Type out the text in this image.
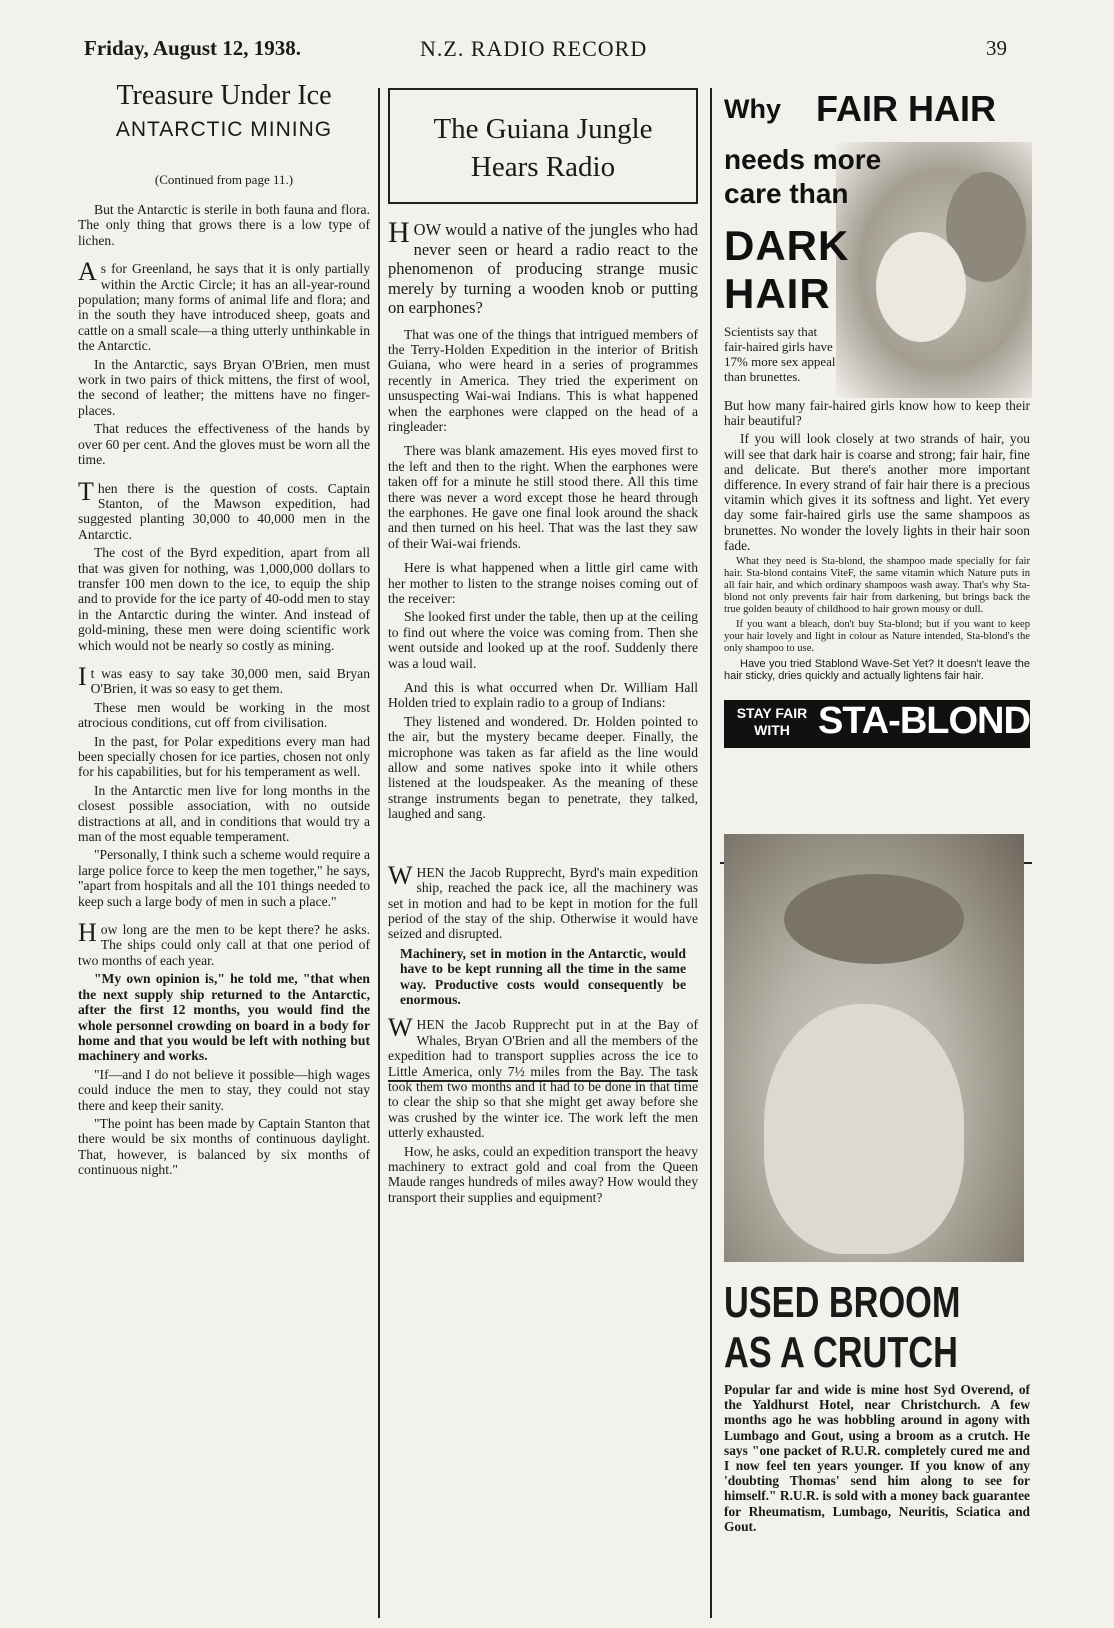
Friday, August 12, 1938.	N.Z. RADIO RECORD	39
Treasure Under Ice
ANTARCTIC MINING
(Continued from page 11.)

But the Antarctic is sterile in both fauna and flora. The only thing that grows there is a low type of lichen.

As for Greenland, he says that it is only partially within the Arctic Circle; it has an all-year-round population; many forms of animal life and flora; and in the south they have introduced sheep, goats and cattle on a small scale—a thing utterly unthinkable in the Antarctic.

In the Antarctic, says Bryan O'Brien, men must work in two pairs of thick mittens, the first of wool, the second of leather; the mittens have no finger-places.

That reduces the effectiveness of the hands by over 60 per cent. And the gloves must be worn all the time.

Then there is the question of costs. Captain Stanton, of the Mawson expedition, had suggested planting 30,000 to 40,000 men in the Antarctic.

The cost of the Byrd expedition, apart from all that was given for nothing, was 1,000,000 dollars to transfer 100 men down to the ice, to equip the ship and to provide for the ice party of 40-odd men to stay in the Antarctic during the winter. And instead of gold-mining, these men were doing scientific work which would not be nearly so costly as mining.

It was easy to say take 30,000 men, said Bryan O'Brien, it was so easy to get them.

These men would be working in the most atrocious conditions, cut off from civilisation.

In the past, for Polar expeditions every man had been specially chosen for ice parties, chosen not only for his capabilities, but for his temperament as well.

In the Antarctic men live for long months in the closest possible association, with no outside distractions at all, and in conditions that would try a man of the most equable temperament.

"Personally, I think such a scheme would require a large police force to keep the men together," he says, "apart from hospitals and all the 101 things needed to keep such a large body of men in such a place."

How long are the men to be kept there? he asks. The ships could only call at that one period of two months of each year.

"My own opinion is," he told me, "that when the next supply ship returned to the Antarctic, after the first 12 months, you would find the whole personnel crowding on board in a body for home and that you would be left with nothing but machinery and works.

"If—and I do not believe it possible—high wages could induce the men to stay, they could not stay there and keep their sanity.

"The point has been made by Captain Stanton that there would be six months of continuous daylight. That, however, is balanced by six months of continuous night."

The Guiana Jungle Hears Radio

HOW would a native of the jungles who had never seen or heard a radio react to the phenomenon of producing strange music merely by turning a wooden knob or putting on earphones?

That was one of the things that intrigued members of the Terry-Holden Expedition in the interior of British Guiana, who were heard in a series of programmes recently in America. They tried the experiment on unsuspecting Wai-wai Indians. This is what happened when the earphones were clapped on the head of a ringleader:

There was blank amazement. His eyes moved first to the left and then to the right. When the earphones were taken off for a minute he still stood there. All this time there was never a word except those he heard through the earphones. He gave one final look around the shack and then turned on his heel. That was the last they saw of their Wai-wai friends.

Here is what happened when a little girl came with her mother to listen to the strange noises coming out of the receiver:

She looked first under the table, then up at the ceiling to find out where the voice was coming from. Then she went outside and looked up at the roof. Suddenly there was a loud wail.

And this is what occurred when Dr. William Hall Holden tried to explain radio to a group of Indians:

They listened and wondered. Dr. Holden pointed to the air, but the mystery became deeper. Finally, the microphone was taken as far afield as the line would allow and some natives spoke into it while others listened at the loudspeaker. As the meaning of these strange instruments began to penetrate, they talked, laughed and sang.

WHEN the Jacob Rupprecht, Byrd's main expedition ship, reached the pack ice, all the machinery was set in motion and had to be kept in motion for the full period of the stay of the ship. Otherwise it would have seized and disrupted.

Machinery, set in motion in the Antarctic, would have to be kept running all the time in the same way. Productive costs would consequently be enormous.

WHEN the Jacob Rupprecht put in at the Bay of Whales, Bryan O'Brien and all the members of the expedition had to transport supplies across the ice to Little America, only 7½ miles from the Bay. The task took them two months and it had to be done in that time to clear the ship so that she might get away before she was crushed by the winter ice. The work left the men utterly exhausted.

How, he asks, could an expedition transport the heavy machinery to extract gold and coal from the Queen Maude ranges hundreds of miles away? How would they transport their supplies and equipment?

Why FAIR HAIR
needs more
care than
DARK
HAIR
Scientists say that fair-haired girls have 17% more sex appeal than brunettes.

But how many fair-haired girls know how to keep their hair beautiful?

If you will look closely at two strands of hair, you will see that dark hair is coarse and strong; fair hair, fine and delicate. But there's another more important difference. In every strand of fair hair there is a precious vitamin which gives it its softness and light. Yet every day some fair-haired girls use the same shampoos as brunettes. No wonder the lovely lights in their hair soon fade.

What they need is Sta-blond, the shampoo made specially for fair hair. Sta-blond contains ViteF, the same vitamin which Nature puts in all fair hair, and which ordinary shampoos wash away. That's why Sta-blond not only prevents fair hair from darkening, but brings back the true golden beauty of childhood to hair grown mousy or dull.

If you want a bleach, don't buy Sta-blond; but if you want to keep your hair lovely and light in colour as Nature intended, Sta-blond's the only shampoo to use.

Have you tried Stablond Wave-Set Yet? It doesn't leave the hair sticky, dries quickly and actually lightens fair hair.

STAY FAIR WITH STA-BLOND
USED BROOM
AS A CRUTCH

Popular far and wide is mine host Syd Overend, of the Yaldhurst Hotel, near Christchurch. A few months ago he was hobbling around in agony with Lumbago and Gout, using a broom as a crutch. He says "one packet of R.U.R. completely cured me and I now feel ten years younger. If you know of any 'doubting Thomas' send him along to see for himself." R.U.R. is sold with a money back guarantee for Rheumatism, Lumbago, Neuritis, Sciatica and Gout.
